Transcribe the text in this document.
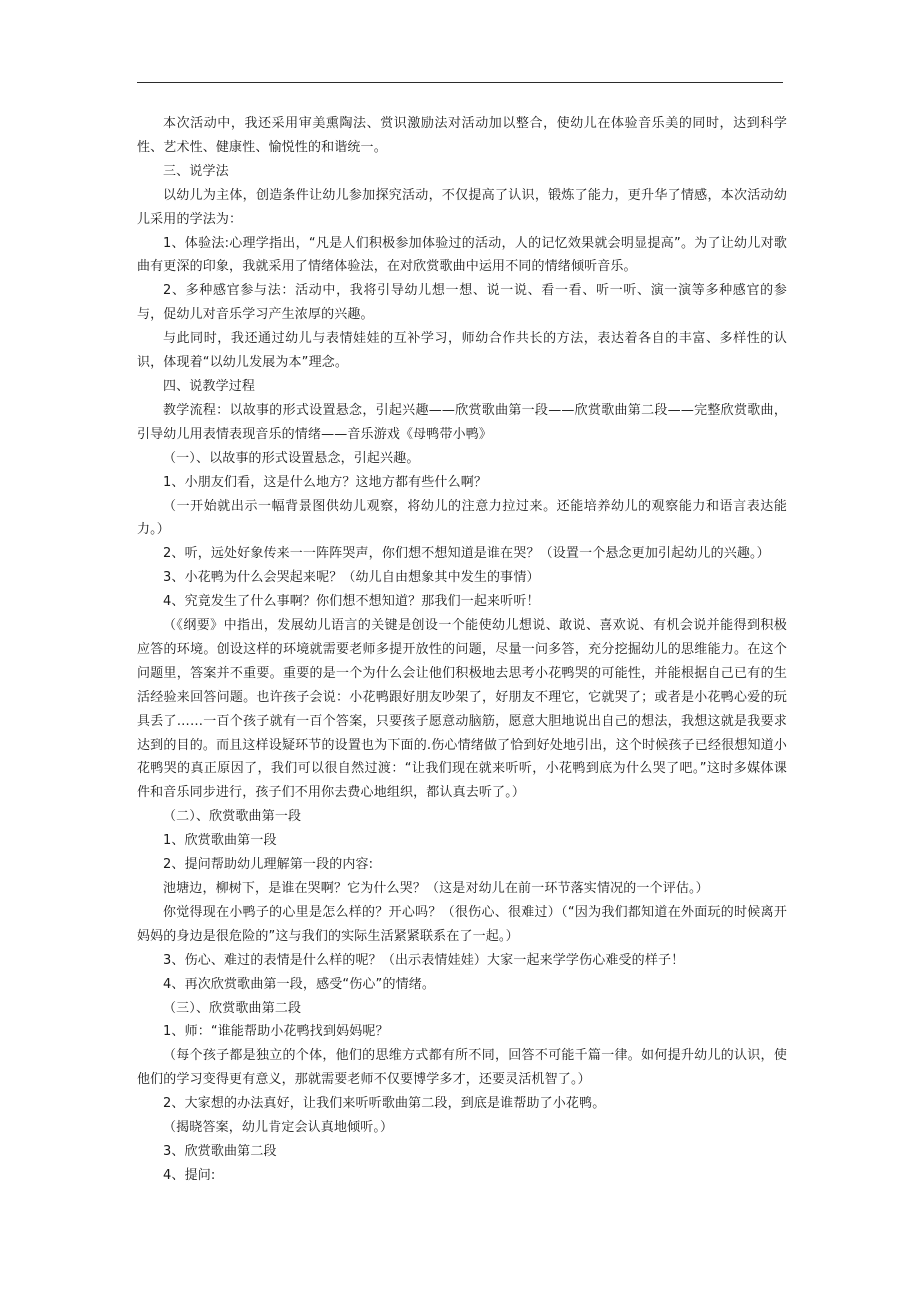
本次活动中，我还采用审美熏陶法、赏识激励法对活动加以整合，使幼儿在体验音乐美的同时，达到科学性、艺术性、健康性、愉悦性的和谐统一。

三、说学法

以幼儿为主体，创造条件让幼儿参加探究活动，不仅提高了认识，锻炼了能力，更升华了情感，本次活动幼儿采用的学法为：

1、体验法:心理学指出，“凡是人们积极参加体验过的活动，人的记忆效果就会明显提高”。为了让幼儿对歌曲有更深的印象，我就采用了情绪体验法，在对欣赏歌曲中运用不同的情绪倾听音乐。

2、多种感官参与法：活动中，我将引导幼儿想一想、说一说、看一看、听一听、演一演等多种感官的参与，促幼儿对音乐学习产生浓厚的兴趣。

与此同时，我还通过幼儿与表情娃娃的互补学习，师幼合作共长的方法，表达着各自的丰富、多样性的认识，体现着“以幼儿发展为本”理念。

四、说教学过程

教学流程：以故事的形式设置悬念，引起兴趣——欣赏歌曲第一段——欣赏歌曲第二段——完整欣赏歌曲，引导幼儿用表情表现音乐的情绪——音乐游戏《母鸭带小鸭》

（一）、以故事的形式设置悬念，引起兴趣。

1、小朋友们看，这是什么地方？这地方都有些什么啊？

（一开始就出示一幅背景图供幼儿观察，将幼儿的注意力拉过来。还能培养幼儿的观察能力和语言表达能力。）

2、听，远处好象传来一一阵阵哭声，你们想不想知道是谁在哭？（设置一个悬念更加引起幼儿的兴趣。）

3、小花鸭为什么会哭起来呢？（幼儿自由想象其中发生的事情）

4、究竟发生了什么事啊？你们想不想知道？那我们一起来听听！

（《纲要》中指出，发展幼儿语言的关键是创设一个能使幼儿想说、敢说、喜欢说、有机会说并能得到积极应答的环境。创设这样的环境就需要老师多提开放性的问题，尽量一问多答，充分挖掘幼儿的思维能力。在这个问题里，答案并不重要。重要的是一个为什么会让他们积极地去思考小花鸭哭的可能性，并能根据自己已有的生活经验来回答问题。也许孩子会说：小花鸭跟好朋友吵架了，好朋友不理它，它就哭了；或者是小花鸭心爱的玩具丢了……一百个孩子就有一百个答案，只要孩子愿意动脑筋，愿意大胆地说出自己的想法，我想这就是我要求达到的目的。而且这样设疑环节的设置也为下面的.伤心情绪做了恰到好处地引出，这个时候孩子已经很想知道小花鸭哭的真正原因了，我们可以很自然过渡：“让我们现在就来听听，小花鸭到底为什么哭了吧。”这时多媒体课件和音乐同步进行，孩子们不用你去费心地组织，都认真去听了。）

（二）、欣赏歌曲第一段

1、欣赏歌曲第一段

2、提问帮助幼儿理解第一段的内容:

池塘边，柳树下，是谁在哭啊？它为什么哭？（这是对幼儿在前一环节落实情况的一个评估。）

你觉得现在小鸭子的心里是怎么样的？开心吗？（很伤心、很难过）（“因为我们都知道在外面玩的时候离开妈妈的身边是很危险的”这与我们的实际生活紧紧联系在了一起。）

3、伤心、难过的表情是什么样的呢？（出示表情娃娃）大家一起来学学伤心难受的样子！

4、再次欣赏歌曲第一段，感受“伤心”的情绪。

（三）、欣赏歌曲第二段

1、师：“谁能帮助小花鸭找到妈妈呢？

（每个孩子都是独立的个体，他们的思维方式都有所不同，回答不可能千篇一律。如何提升幼儿的认识，使他们的学习变得更有意义，那就需要老师不仅要博学多才，还要灵活机智了。）

2、大家想的办法真好，让我们来听听歌曲第二段，到底是谁帮助了小花鸭。

（揭晓答案，幼儿肯定会认真地倾听。）

3、欣赏歌曲第二段

4、提问:
